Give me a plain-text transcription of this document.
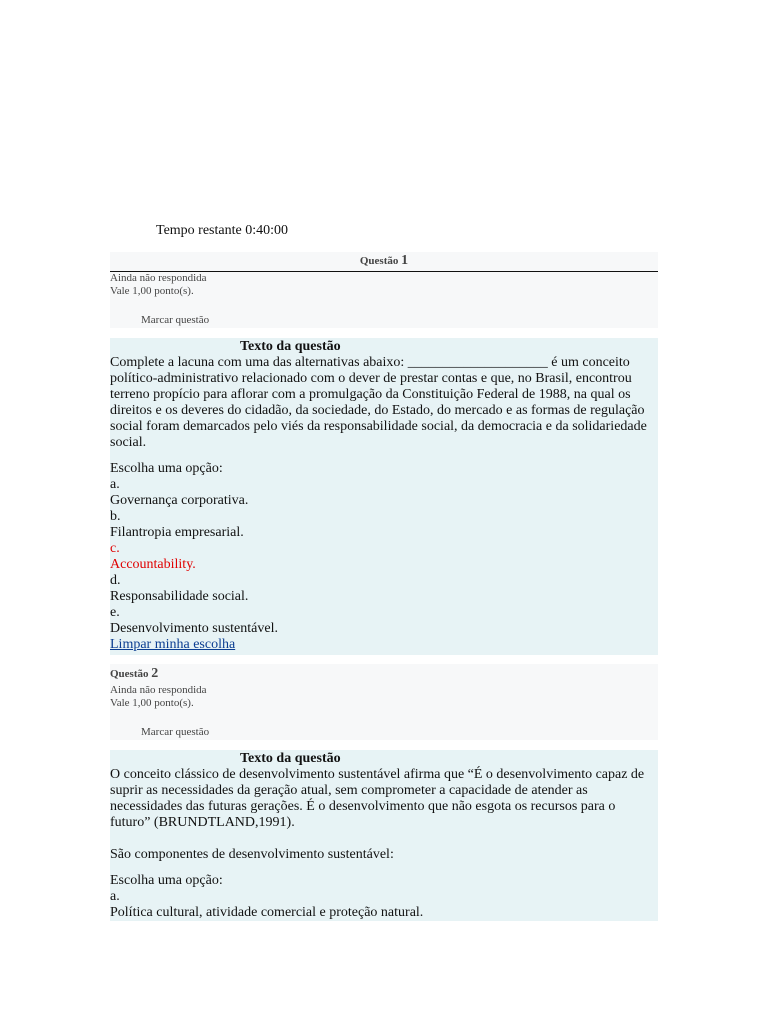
Tempo restante 0:40:00
Questão 1
Ainda não respondida
Vale 1,00 ponto(s).
Marcar questão
Texto da questão

Complete a lacuna com uma das alternativas abaixo: ____________________ é um conceito político-administrativo relacionado com o dever de prestar contas e que, no Brasil, encontrou terreno propício para aflorar com a promulgação da Constituição Federal de 1988, na qual os direitos e os deveres do cidadão, da sociedade, do Estado, do mercado e as formas de regulação social foram demarcados pelo viés da responsabilidade social, da democracia e da solidariedade social.

Escolha uma opção:
a.
Governança corporativa.
b.
Filantropia empresarial.
c.
Accountability.
d.
Responsabilidade social.
e.
Desenvolvimento sustentável.
Limpar minha escolha
Questão 2
Ainda não respondida
Vale 1,00 ponto(s).
Marcar questão
Texto da questão

O conceito clássico de desenvolvimento sustentável afirma que “É o desenvolvimento capaz de suprir as necessidades da geração atual, sem comprometer a capacidade de atender as necessidades das futuras gerações. É o desenvolvimento que não esgota os recursos para o futuro” (BRUNDTLAND,1991).

São componentes de desenvolvimento sustentável:

Escolha uma opção:
a.
Política cultural, atividade comercial e proteção natural.
